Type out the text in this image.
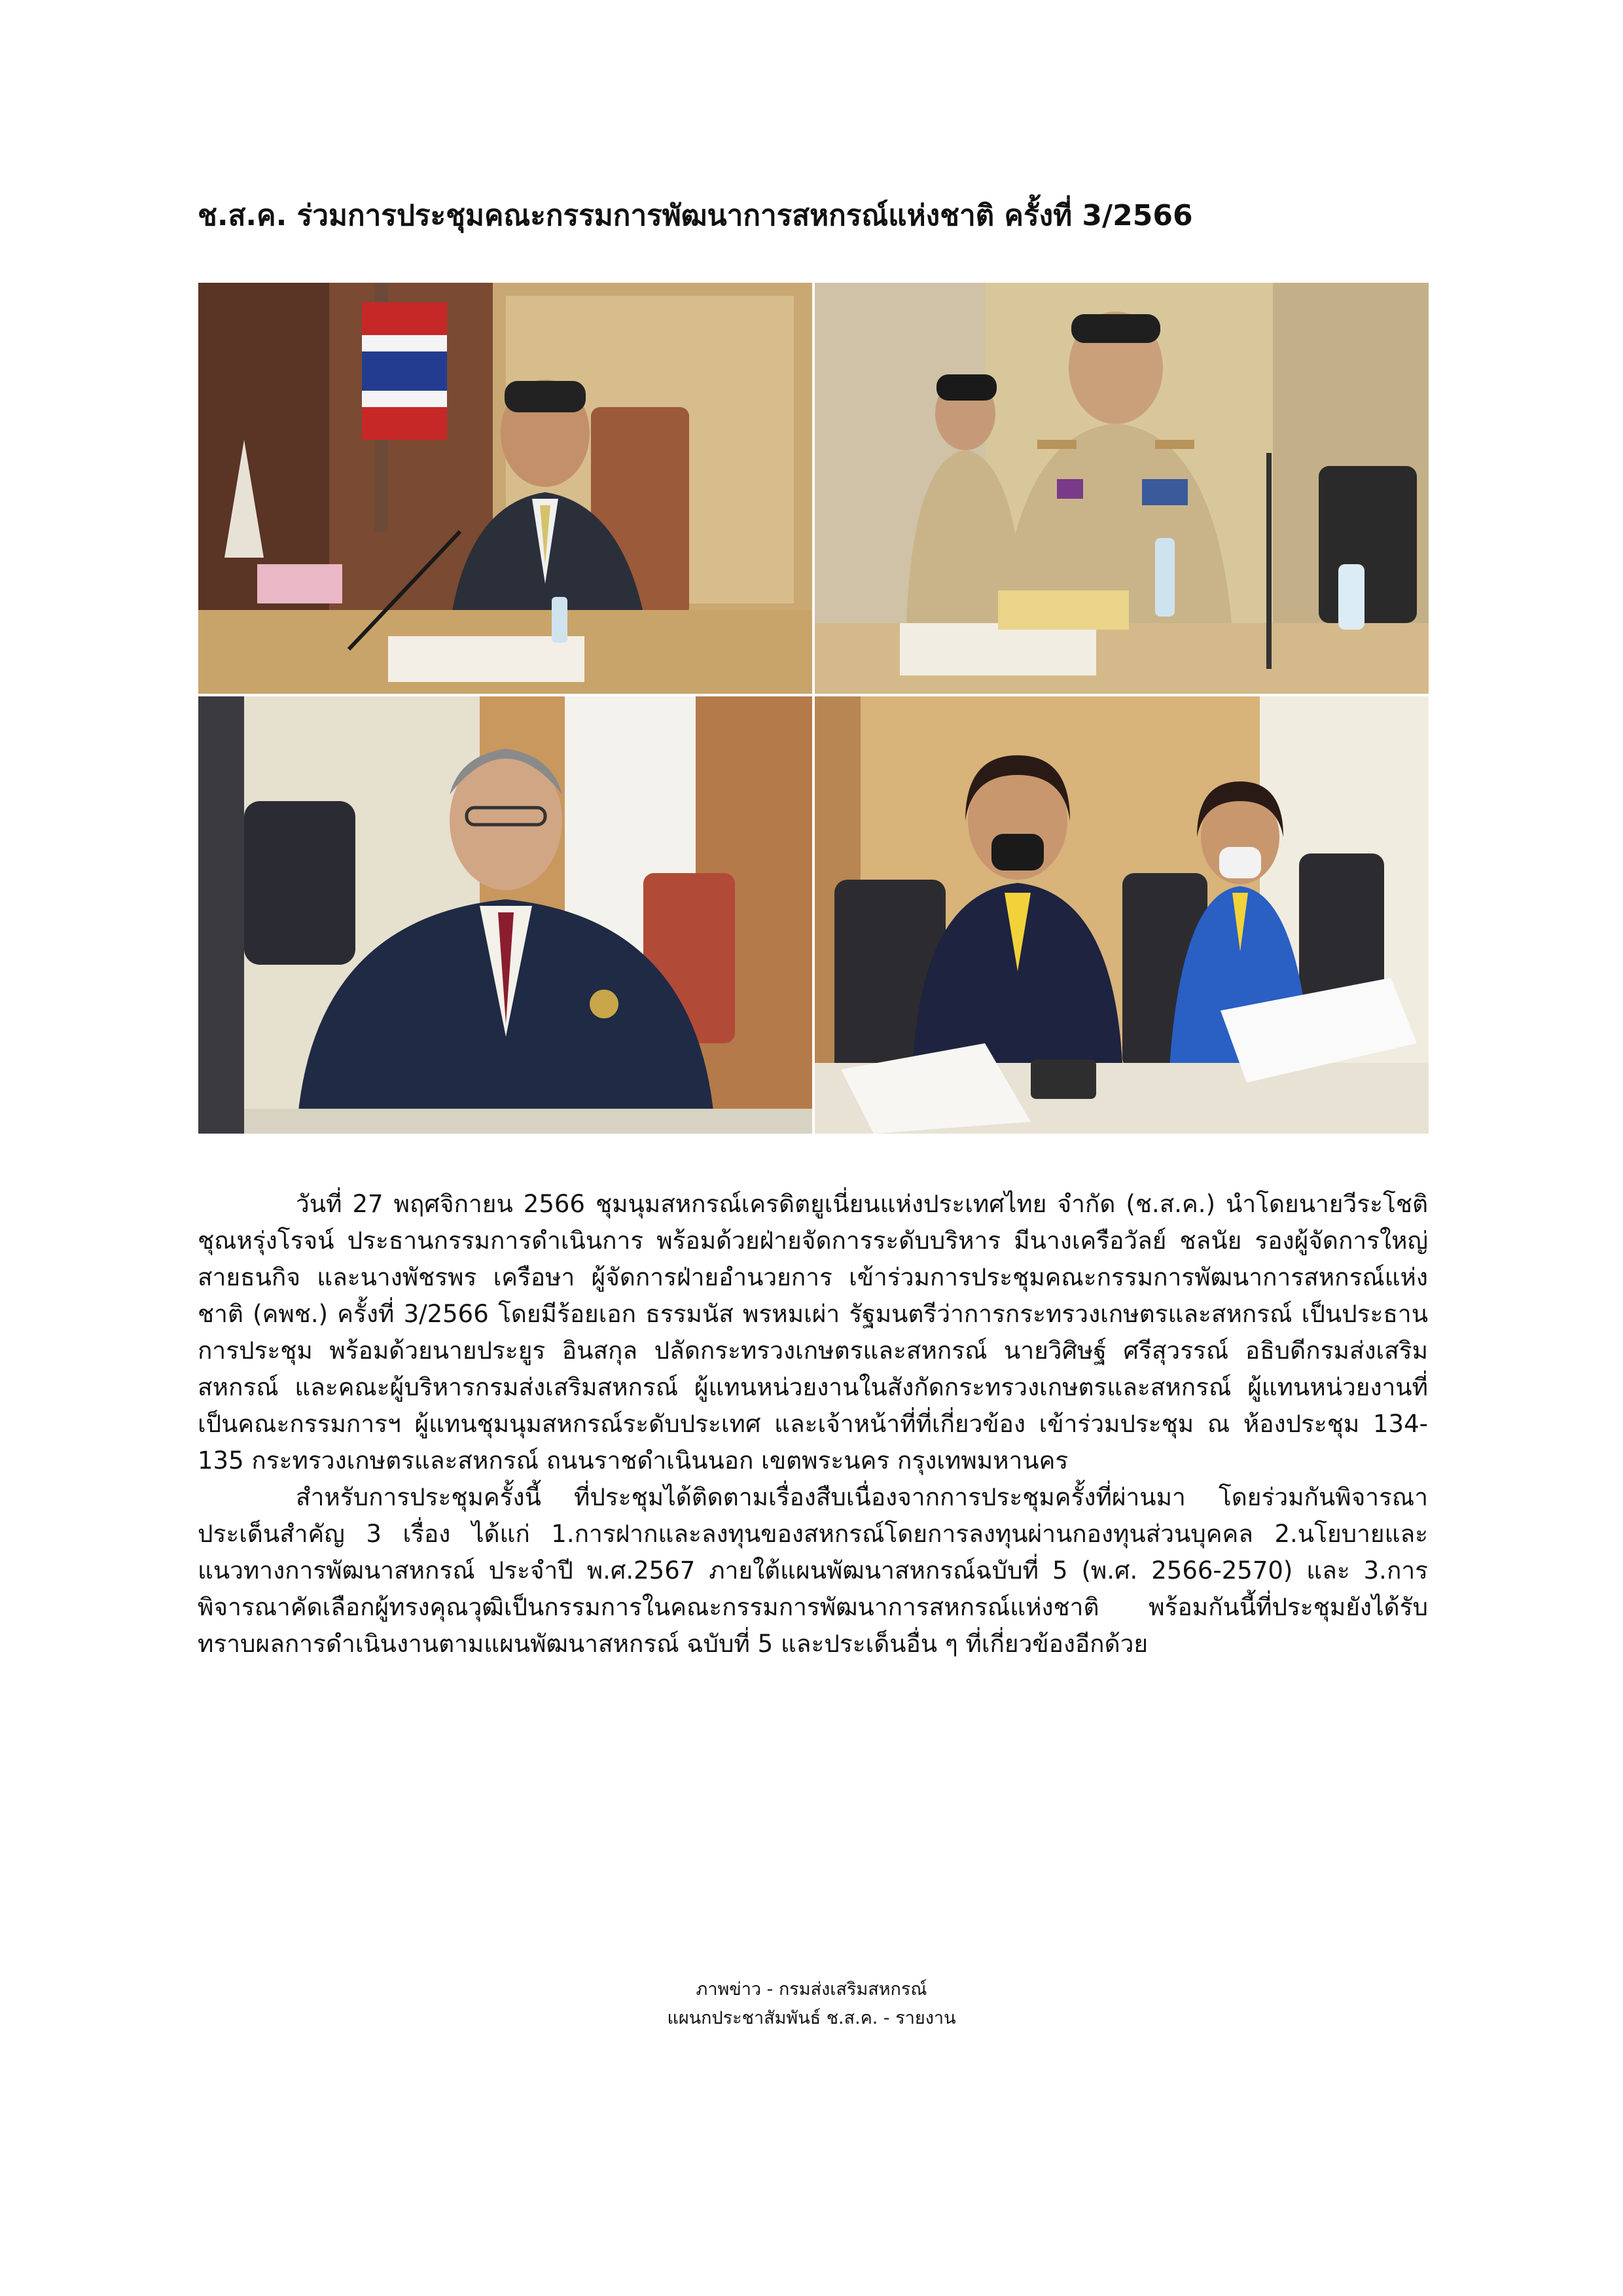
ช.ส.ค. ร่วมการประชุมคณะกรรมการพัฒนาการสหกรณ์แห่งชาติ ครั้งที่ 3/2566

วันที่ 27 พฤศจิกายน 2566 ชุมนุมสหกรณ์เครดิตยูเนี่ยนแห่งประเทศไทย จำกัด (ช.ส.ค.) นำโดยนายวีระโชติ ชุณหรุ่งโรจน์ ประธานกรรมการดำเนินการ พร้อมด้วยฝ่ายจัดการระดับบริหาร มีนางเครือวัลย์ ชลนัย รองผู้จัดการใหญ่สายธนกิจ และนางพัชรพร เครือษา ผู้จัดการฝ่ายอำนวยการ เข้าร่วมการประชุมคณะกรรมการพัฒนาการสหกรณ์แห่งชาติ (คพช.) ครั้งที่ 3/2566 โดยมีร้อยเอก ธรรมนัส พรหมเผ่า รัฐมนตรีว่าการกระทรวงเกษตรและสหกรณ์ เป็นประธานการประชุม พร้อมด้วยนายประยูร อินสกุล ปลัดกระทรวงเกษตรและสหกรณ์ นายวิศิษฐ์ ศรีสุวรรณ์ อธิบดีกรมส่งเสริมสหกรณ์ และคณะผู้บริหารกรมส่งเสริมสหกรณ์ ผู้แทนหน่วยงานในสังกัดกระทรวงเกษตรและสหกรณ์ ผู้แทนหน่วยงานที่เป็นคณะกรรมการฯ ผู้แทนชุมนุมสหกรณ์ระดับประเทศ และเจ้าหน้าที่ที่เกี่ยวข้อง เข้าร่วมประชุม ณ ห้องประชุม 134-135 กระทรวงเกษตรและสหกรณ์ ถนนราชดำเนินนอก เขตพระนคร กรุงเทพมหานคร

สำหรับการประชุมครั้งนี้ ที่ประชุมได้ติดตามเรื่องสืบเนื่องจากการประชุมครั้งที่ผ่านมา โดยร่วมกันพิจารณาประเด็นสำคัญ 3 เรื่อง ได้แก่ 1.การฝากและลงทุนของสหกรณ์โดยการลงทุนผ่านกองทุนส่วนบุคคล 2.นโยบายและแนวทางการพัฒนาสหกรณ์ ประจำปี พ.ศ.2567 ภายใต้แผนพัฒนาสหกรณ์ฉบับที่ 5 (พ.ศ. 2566-2570) และ 3.การพิจารณาคัดเลือกผู้ทรงคุณวุฒิเป็นกรรมการในคณะกรรมการพัฒนาการสหกรณ์แห่งชาติ พร้อมกันนี้ที่ประชุมยังได้รับทราบผลการดำเนินงานตามแผนพัฒนาสหกรณ์ ฉบับที่ 5 และประเด็นอื่น ๆ ที่เกี่ยวข้องอีกด้วย

ภาพข่าว - กรมส่งเสริมสหกรณ์
แผนกประชาสัมพันธ์ ช.ส.ค. - รายงาน
